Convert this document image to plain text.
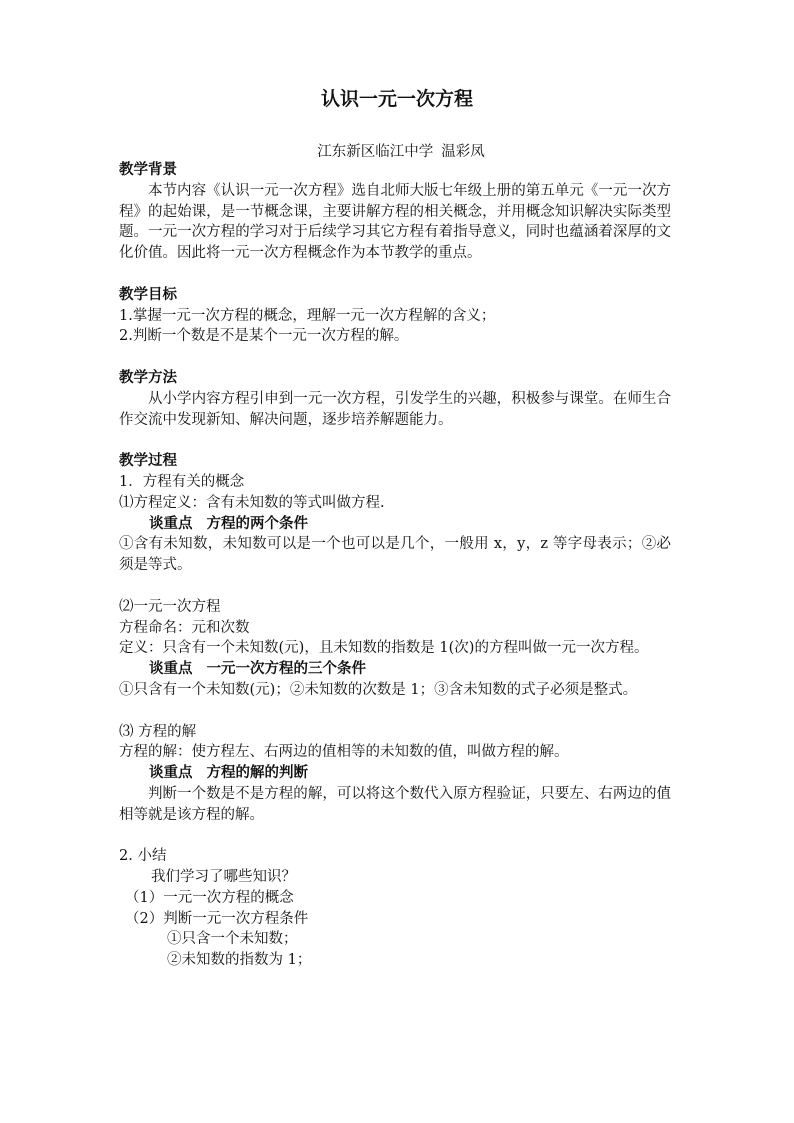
认识一元一次方程

江东新区临江中学 温彩凤

教学背景

本节内容《认识一元一次方程》选自北师大版七年级上册的第五单元《一元一次方程》的起始课，是一节概念课，主要讲解方程的相关概念，并用概念知识解决实际类型题。一元一次方程的学习对于后续学习其它方程有着指导意义，同时也蕴涵着深厚的文化价值。因此将一元一次方程概念作为本节教学的重点。

教学目标

1.掌握一元一次方程的概念，理解一元一次方程解的含义；

2.判断一个数是不是某个一元一次方程的解。

教学方法

从小学内容方程引申到一元一次方程，引发学生的兴趣，积极参与课堂。在师生合作交流中发现新知、解决问题，逐步培养解题能力。

教学过程

1．方程有关的概念

⑴方程定义：含有未知数的等式叫做方程.

谈重点 方程的两个条件

①含有未知数，未知数可以是一个也可以是几个，一般用 x，y，z 等字母表示；②必须是等式。

⑵一元一次方程

方程命名：元和次数

定义：只含有一个未知数(元)，且未知数的指数是 1(次)的方程叫做一元一次方程。

谈重点 一元一次方程的三个条件

①只含有一个未知数(元)；②未知数的次数是 1；③含未知数的式子必须是整式。

⑶ 方程的解

方程的解：使方程左、右两边的值相等的未知数的值，叫做方程的解。

谈重点 方程的解的判断

判断一个数是不是方程的解，可以将这个数代入原方程验证，只要左、右两边的值相等就是该方程的解。

2. 小结

我们学习了哪些知识？

（1）一元一次方程的概念

（2）判断一元一次方程条件

①只含一个未知数；

②未知数的指数为 1；
